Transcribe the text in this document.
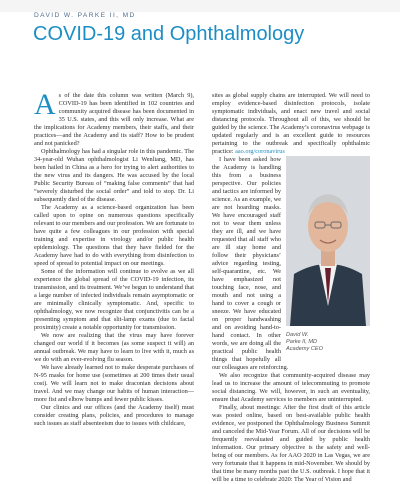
DAVID W. PARKE II, MD
COVID-19 and Ophthalmology

As of the date this column was written (March 9), COVID-19 has been identified in 102 countries and community acquired disease has been documented in 35 U.S. states, and this will only increase. What are the implications for Academy members, their staffs, and their practices—and the Academy and its staff? How to be prudent and not panicked?

Ophthalmology has had a singular role in this pandemic. The 34-year-old Wuhan ophthalmologist Li Wenliang, MD, has been hailed in China as a hero for trying to alert authorities to the new virus and its dangers. He was accused by the local Public Security Bureau of “making false comments” that had “severely disturbed the social order” and told to stop. Dr. Li subsequently died of the disease.

The Academy as a science-based organization has been called upon to opine on numerous questions specifically relevant to our members and our profession. We are fortunate to have quite a few colleagues in our profession with special training and expertise in virology and/or public health epidemiology. The questions that they have fielded for the Academy have had to do with everything from disinfection to speed of spread to potential impact on our meetings.

Some of the information will continue to evolve as we all experience the global spread of the COVID-19 infection, its transmission, and its treatment. We’ve begun to understand that a large number of infected individuals remain asymptomatic or are minimally clinically symptomatic. And, specific to ophthalmology, we now recognize that conjunctivitis can be a presenting symptom and that slit-lamp exams (due to facial proximity) create a notable opportunity for transmission.

We now are realizing that the virus may have forever changed our world if it becomes (as some suspect it will) an annual outbreak. We may have to learn to live with it, much as we do with an ever-evolving flu season.

We have already learned not to make desperate purchases of N-95 masks for home use (sometimes at 200 times their usual cost). We will learn not to make draconian decisions about travel. And we may change our habits of human interaction—more fist and elbow bumps and fewer public kisses.

Our clinics and our offices (and the Academy itself) must consider creating plans, policies, and procedures to manage such issues as staff absenteeism due to issues with childcare,

sites as global supply chains are interrupted. We will need to employ evidence-based disinfection protocols, isolate symptomatic individuals, and enact new travel and social distancing protocols. Throughout all of this, we should be guided by the science. The Academy’s coronavirus webpage is updated regularly and is an excellent guide to resources pertaining to the outbreak and specifically ophthalmic practice: aao.org/coronavirus

David W.
Parke II, MD
Academy CEO

I have been asked how the Academy is handling this from a business perspective. Our policies and tactics are informed by science. As an example, we are not hoarding masks. We have encouraged staff not to wear them unless they are ill, and we have requested that all staff who are ill stay home and follow their physicians’ advice regarding testing, self-quarantine, etc. We have emphasized not touching face, nose, and mouth and not using a hand to cover a cough or sneeze. We have educated on proper handwashing and on avoiding hand-to-hand contact. In other words, we are doing all the practical public health things that hopefully all our colleagues are reinforcing.

We also recognize that community-acquired disease may lead us to increase the amount of telecommuting to promote social distancing. We will, however, in such an eventuality, ensure that Academy services to members are uninterrupted.

Finally, about meetings: After the first draft of this article was posted online, based on best-available public health evidence, we postponed the Ophthalmology Business Summit and canceled the Mid-Year Forum. All of our decisions will be frequently reevaluated and guided by public health information. Our primary objective is the safety and well-being of our members. As for AAO 2020 in Las Vegas, we are very fortunate that it happens in mid-November. We should by that time be many months past the U.S. outbreak. I hope that it will be a time to celebrate 2020: The Year of Vision and
